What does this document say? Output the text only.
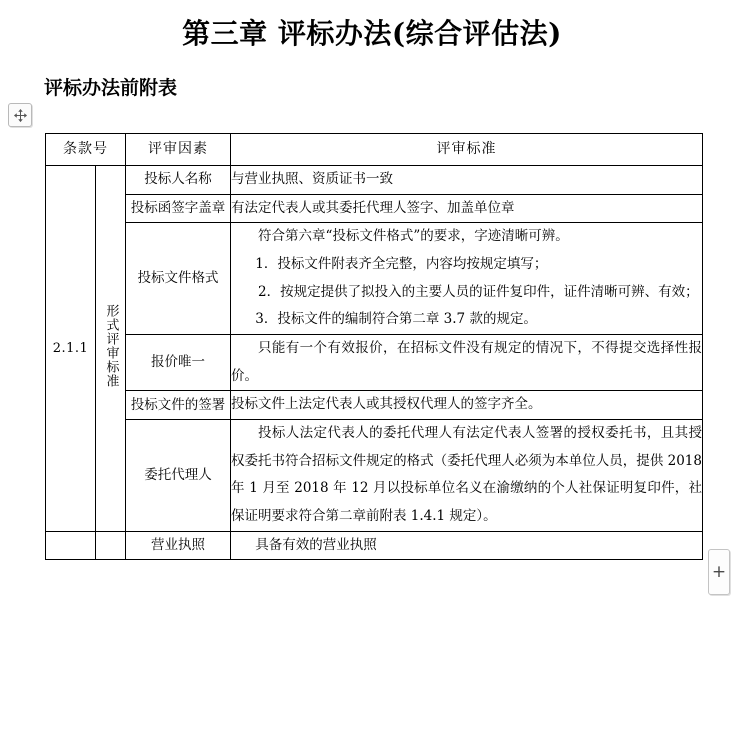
第三章 评标办法(综合评估法)
评标办法前附表
+
条款号		评审因素	评审标准
2.1.1	形式评审标准	投标人名称	与营业执照、资质证书一致

		投标函签字盖章	有法定代表人或其委托代理人签字、加盖单位章

		投标文件格式	符合第六章“投标文件格式”的要求，字迹清晰可辨。

1．投标文件附表齐全完整，内容均按规定填写；

2．按规定提供了拟投入的主要人员的证件复印件，证件清晰可辨、有效；

3．投标文件的编制符合第二章 3.7 款的规定。

		报价唯一	只能有一个有效报价，在招标文件没有规定的情况下，不得提交选择性报价。

		投标文件的签署	投标文件上法定代表人或其授权代理人的签字齐全。

		委托代理人	投标人法定代表人的委托代理人有法定代表人签署的授权委托书，且其授权委托书符合招标文件规定的格式（委托代理人必须为本单位人员，提供 2018 年 1 月至 2018 年 12 月以投标单位名义在渝缴纳的个人社保证明复印件，社保证明要求符合第二章前附表 1.4.1 规定）。

		营业执照	具备有效的营业执照
